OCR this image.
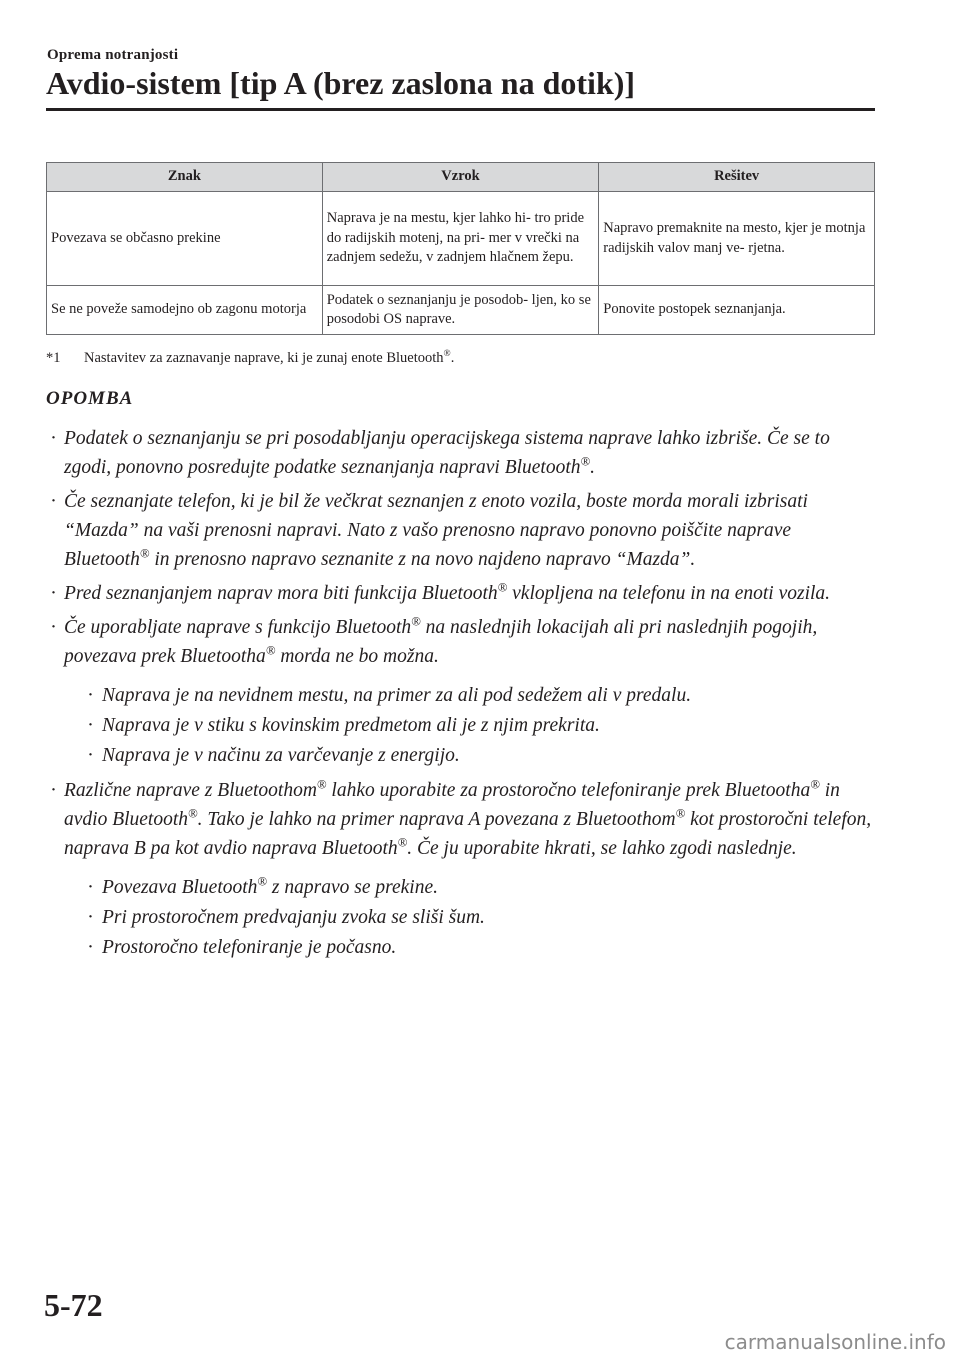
Oprema notranjosti
Avdio-sistem [tip A (brez zaslona na dotik)]
Znak	Vzrok	Rešitev
Povezava se občasno prekine	Naprava je na mestu, kjer lahko hi- tro pride do radijskih motenj, na pri- mer v vrečki na zadnjem sedežu, v zadnjem hlačnem žepu.	Napravo premaknite na mesto, kjer je motnja radijskih valov manj ve- rjetna.
Se ne poveže samodejno ob zagonu motorja	Podatek o seznanjanju je posodob- ljen, ko se posodobi OS naprave.	Ponovite postopek seznanjanja.
*1 Nastavitev za zaznavanje naprave, ki je zunaj enote Bluetooth®.
OPOMBA
· Podatek o seznanjanju se pri posodabljanju operacijskega sistema naprave lahko izbriše. Če se to zgodi, ponovno posredujte podatke seznanjanja napravi Bluetooth®.
· Če seznanjate telefon, ki je bil že večkrat seznanjen z enoto vozila, boste morda morali izbrisati “Mazda” na vaši prenosni napravi. Nato z vašo prenosno napravo ponovno poiščite naprave Bluetooth® in prenosno napravo seznanite z na novo najdeno napravo “Mazda”.
· Pred seznanjanjem naprav mora biti funkcija Bluetooth® vklopljena na telefonu in na enoti vozila.
· Če uporabljate naprave s funkcijo Bluetooth® na naslednjih lokacijah ali pri naslednjih pogojih, povezava prek Bluetootha® morda ne bo možna.
· Naprava je na nevidnem mestu, na primer za ali pod sedežem ali v predalu.
· Naprava je v stiku s kovinskim predmetom ali je z njim prekrita.
· Naprava je v načinu za varčevanje z energijo.
· Različne naprave z Bluetoothom® lahko uporabite za prostoročno telefoniranje prek Bluetootha® in avdio Bluetooth®. Tako je lahko na primer naprava A povezana z Bluetoothom® kot prostoročni telefon, naprava B pa kot avdio naprava Bluetooth®. Če ju uporabite hkrati, se lahko zgodi naslednje.
· Povezava Bluetooth® z napravo se prekine.
· Pri prostoročnem predvajanju zvoka se sliši šum.
· Prostoročno telefoniranje je počasno.
5-72
carmanualsonline.info
